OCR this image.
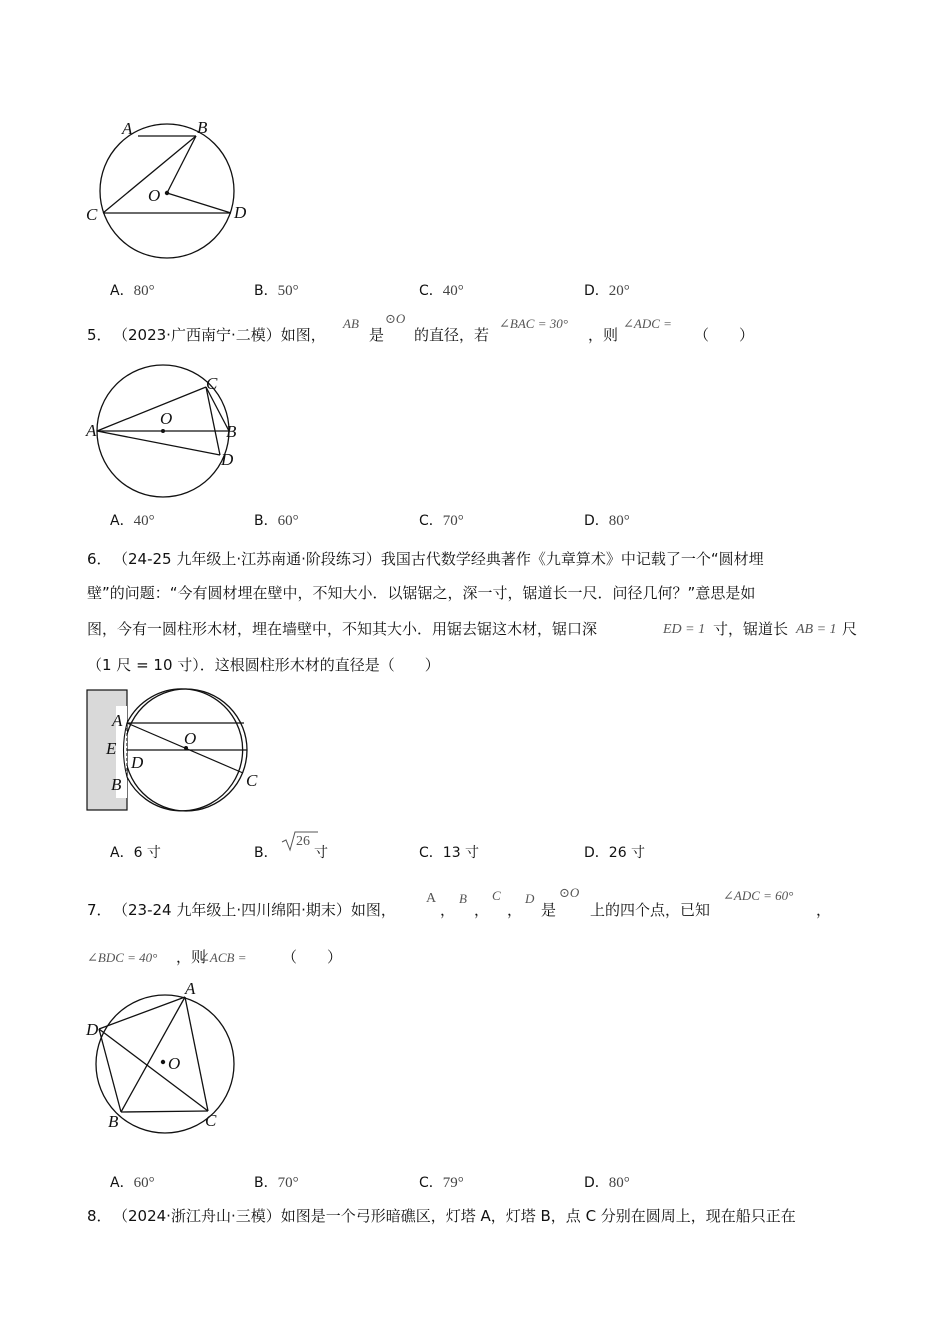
A	B
O
C	D
A．80°	B．50°	C．40°	D．20°
5． （2023·广西南宁·二模）如图，
AB
是
⊙O
的直径，若
∠BAC = 30°
，则
∠ADC =
（　　）
A
O
C
B
D
A．40°	B．60°	C．70°	D．80°
6． （24-25 九年级上·江苏南通·阶段练习）我国古代数学经典著作《九章算术》中记载了一个“圆材埋
壁”的问题：“今有圆材埋在壁中，不知大小．以锯锯之，深一寸，锯道长一尺．问径几何？”意思是如
图，今有一圆柱形木材，埋在墙壁中，不知其大小．用锯去锯这木材，锯口深	ED = 1 寸，锯道长 AB = 1 尺
（1 尺 = 10 寸）．这根圆柱形木材的直径是（　　）
A
O
E
D
B	C
A．6 寸	B．
26
寸	C．13 寸	D．26 寸
7． （23-24 九年级上·四川绵阳·期末）如图，
A
，
B
，
C
，
D
是
⊙O
上的四个点，已知
∠ADC = 60°
，
∠BDC = 40° ，则
∠ACB = （　　）
A
D
O
B	C
A．60°	B．70°	C．79°	D．80°
8． （2024·浙江舟山·三模）如图是一个弓形暗礁区，灯塔 A，灯塔 B，点 C 分别在圆周上，现在船只正在
